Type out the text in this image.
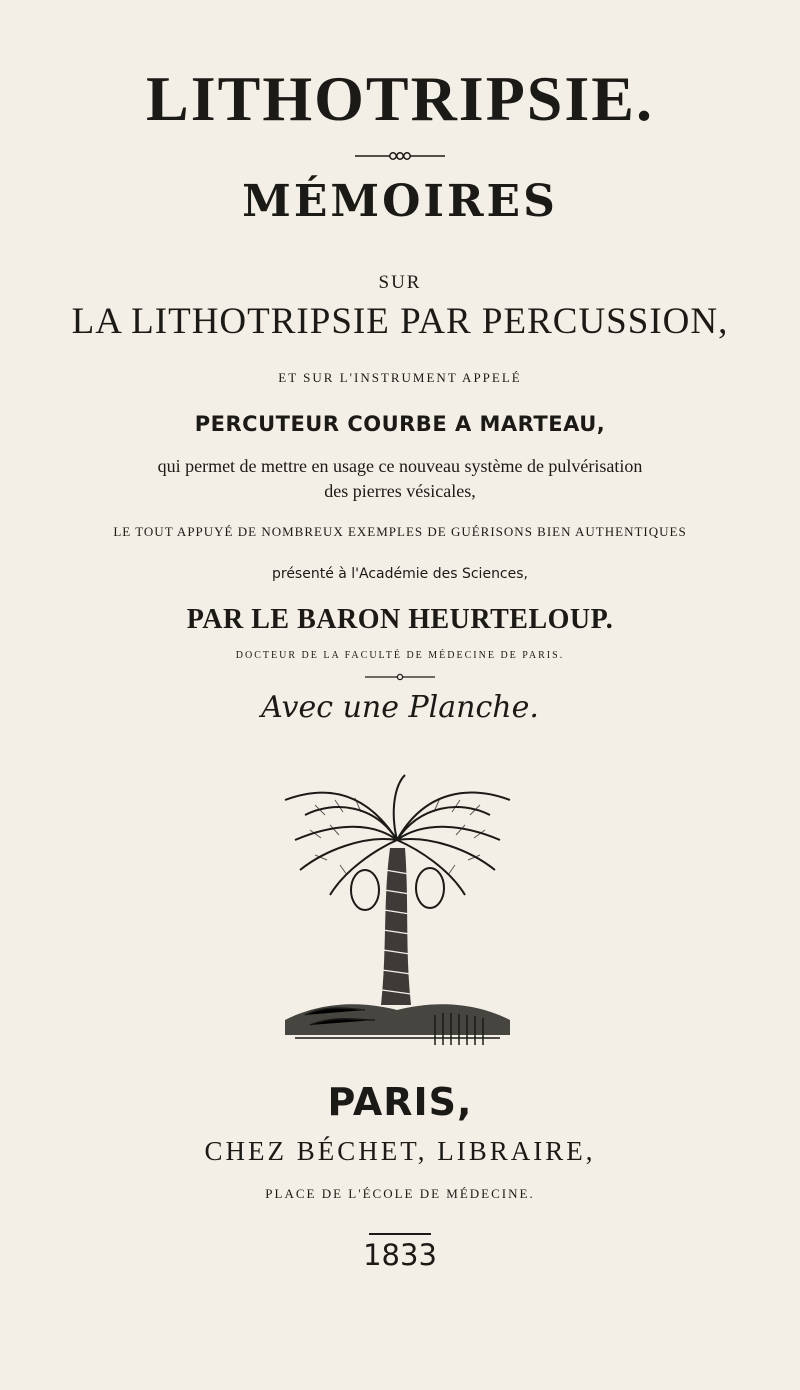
LITHOTRIPSIE.
MÉMOIRES
SUR
LA LITHOTRIPSIE PAR PERCUSSION,
ET SUR L'INSTRUMENT APPELÉ
PERCUTEUR COURBE A MARTEAU,
qui permet de mettre en usage ce nouveau système de pulvérisation
des pierres vésicales,
LE TOUT APPUYÉ DE NOMBREUX EXEMPLES DE GUÉRISONS BIEN AUTHENTIQUES
présenté à l'Académie des Sciences,
PAR LE BARON HEURTELOUP.
DOCTEUR DE LA FACULTÉ DE MÉDECINE DE PARIS.
Avec une Planche.
PARIS,
CHEZ BÉCHET, LIBRAIRE,
PLACE DE L'ÉCOLE DE MÉDECINE.
1833
